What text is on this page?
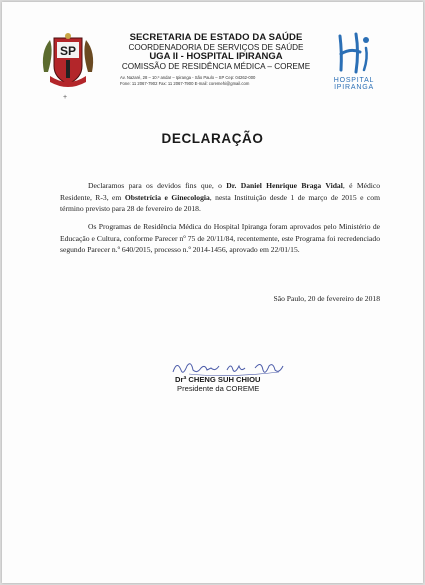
SP
SECRETARIA DE ESTADO DA SAÚDE
COORDENADORIA DE SERVIÇOS DE SAÚDE
UGA II - HOSPITAL IPIRANGA
COMISSÃO DE RESIDÊNCIA MÉDICA – COREME
Av. Nazaré, 28 – 10.º andar – Ipiranga - São Paulo – SP Cep: 04262-000
Fone: 11 2067-7902 Fax: 11 2067-7900 E-mail: coremehi@gmail.com	HOSPITAL
IPIRANGA
+
DECLARAÇÃO

Declaramos para os devidos fins que, o Dr. Daniel Henrique Braga Vidal, é Médico Residente, R-3, em Obstetrícia e Ginecologia, nesta Instituição desde 1 de março de 2015 e com término previsto para 28 de fevereiro de 2018.

Os Programas de Residência Médica do Hospital Ipiranga foram aprovados pelo Ministério de Educação e Cultura, conforme Parecer nº 75 de 20/11/84, recentemente, este Programa foi recredenciado segundo Parecer n.º 640/2015, processo n.º 2014-1456, aprovado em 22/01/15.

São Paulo, 20 de fevereiro de 2018
Drª CHENG SUH CHIOU
Presidente da COREME
